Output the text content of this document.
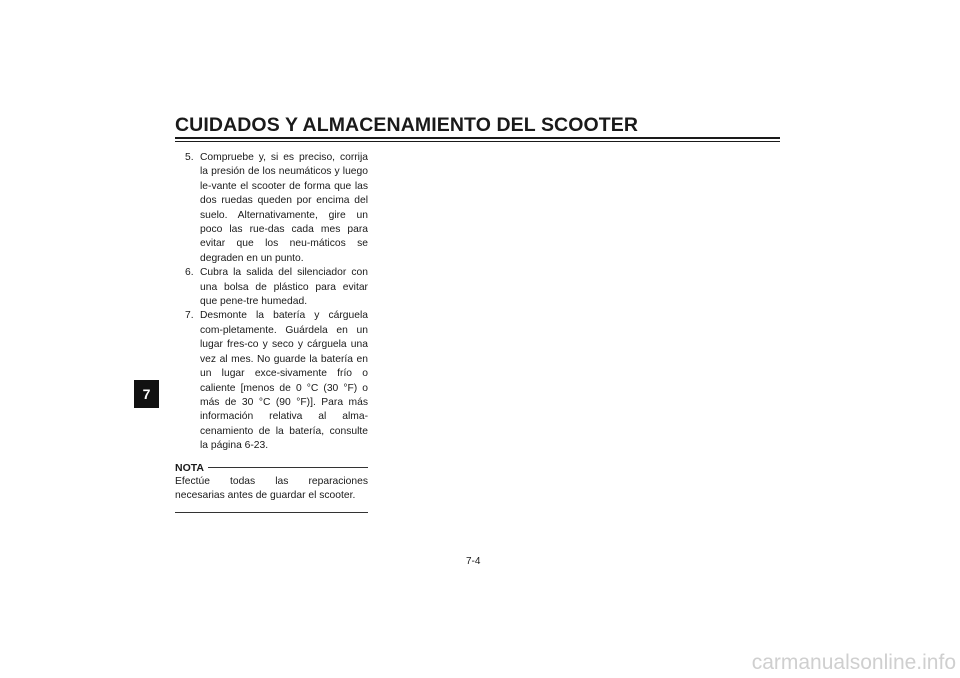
CUIDADOS Y ALMACENAMIENTO DEL SCOOTER
7
5. Compruebe y, si es preciso, corrija la presión de los neumáticos y luego le-vante el scooter de forma que las dos ruedas queden por encima del suelo. Alternativamente, gire un poco las rue-das cada mes para evitar que los neu-máticos se degraden en un punto.
6. Cubra la salida del silenciador con una bolsa de plástico para evitar que pene-tre humedad.
7. Desmonte la batería y cárguela com-pletamente. Guárdela en un lugar fres-co y seco y cárguela una vez al mes. No guarde la batería en un lugar exce-sivamente frío o caliente [menos de 0 °C (30 °F) o más de 30 °C (90 °F)]. Para más información relativa al alma-cenamiento de la batería, consulte la página 6-23.
NOTA

Efectúe todas las reparaciones necesarias antes de guardar el scooter.

7-4
carmanualsonline.info
